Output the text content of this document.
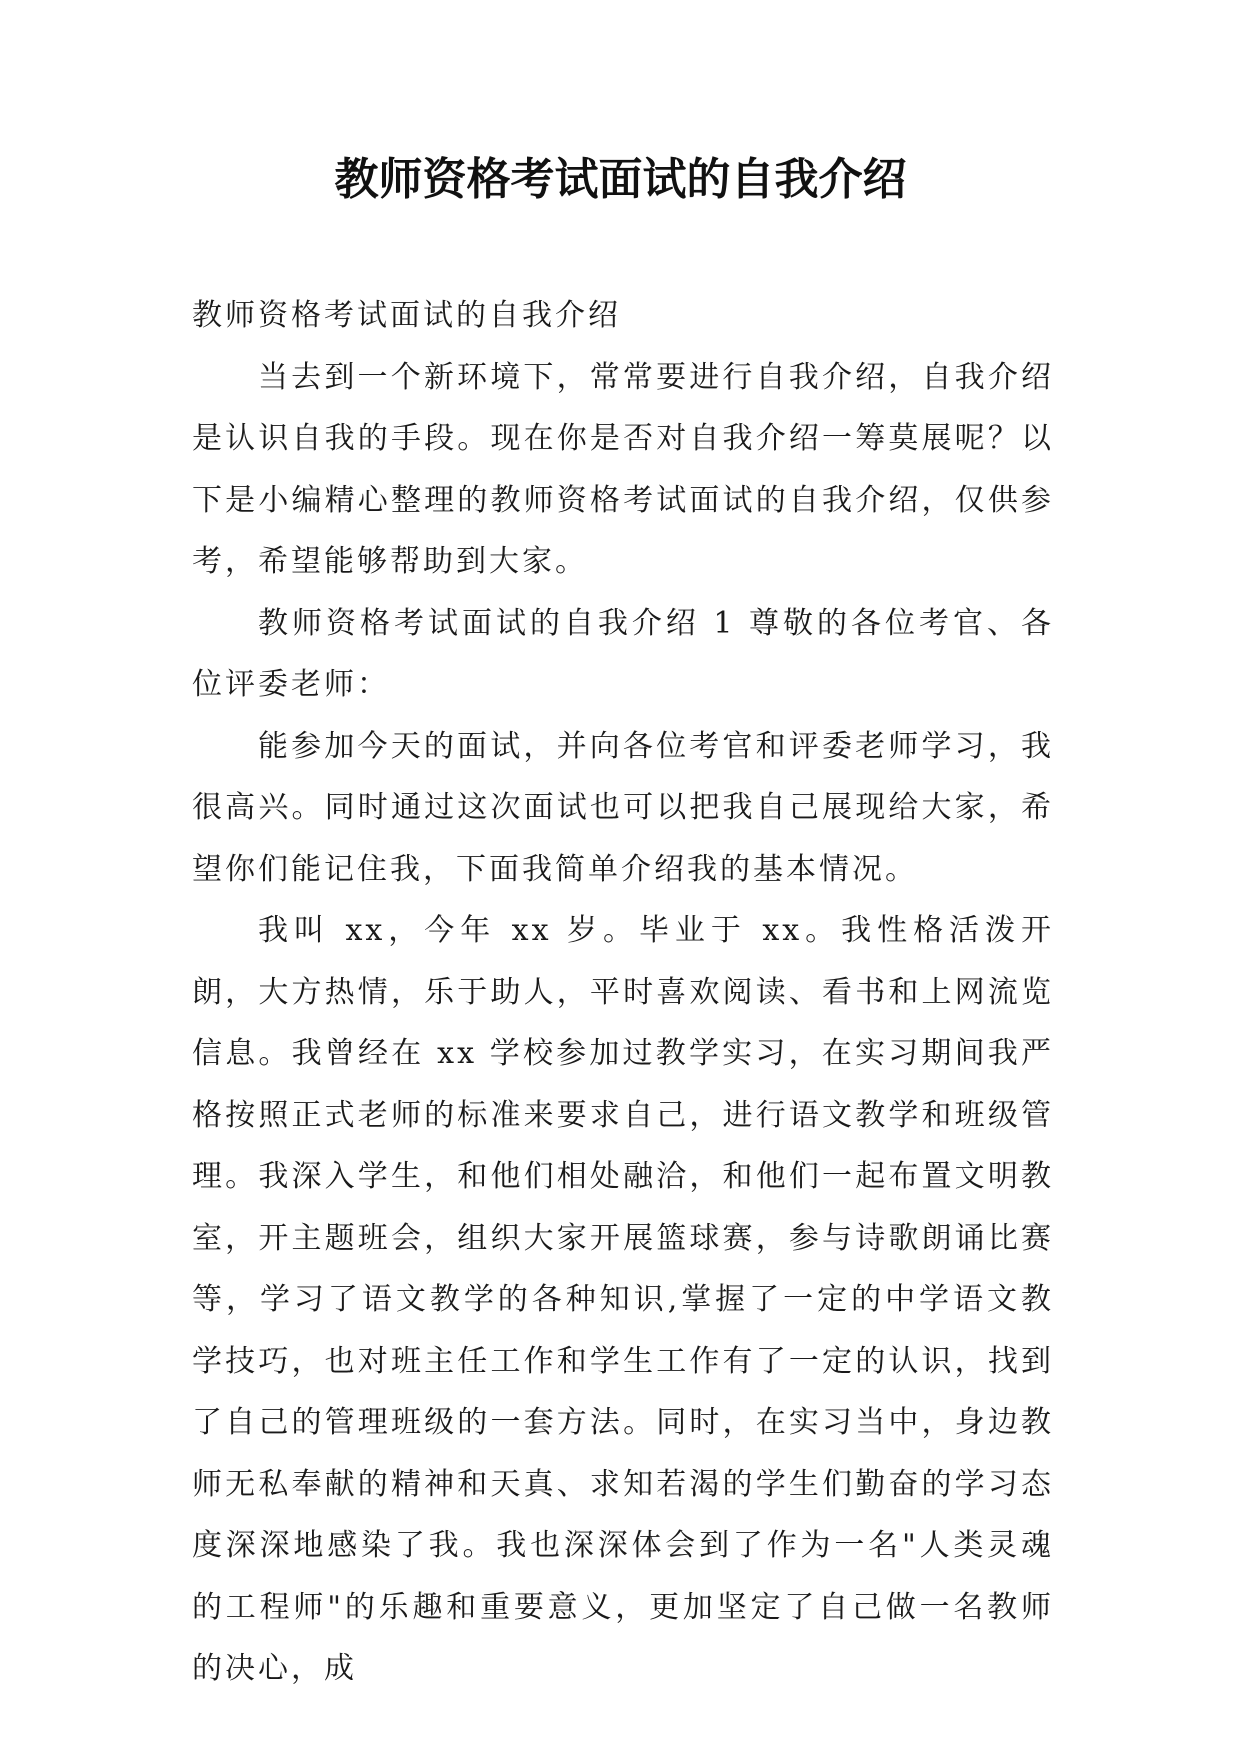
教师资格考试面试的自我介绍

教师资格考试面试的自我介绍

当去到一个新环境下，常常要进行自我介绍，自我介绍是认识自我的手段。现在你是否对自我介绍一筹莫展呢？以下是小编精心整理的教师资格考试面试的自我介绍，仅供参考，希望能够帮助到大家。

教师资格考试面试的自我介绍 1 尊敬的各位考官、各位评委老师：

能参加今天的面试，并向各位考官和评委老师学习，我很高兴。同时通过这次面试也可以把我自己展现给大家，希望你们能记住我，下面我简单介绍我的基本情况。

我叫 xx，今年 xx 岁。毕业于 xx。我性格活泼开朗，大方热情，乐于助人，平时喜欢阅读、看书和上网流览信息。我曾经在 xx 学校参加过教学实习，在实习期间我严格按照正式老师的标准来要求自己，进行语文教学和班级管理。我深入学生，和他们相处融洽，和他们一起布置文明教室，开主题班会，组织大家开展篮球赛，参与诗歌朗诵比赛等，学习了语文教学的各种知识,掌握了一定的中学语文教学技巧，也对班主任工作和学生工作有了一定的认识，找到了自己的管理班级的一套方法。同时，在实习当中，身边教师无私奉献的精神和天真、求知若渴的学生们勤奋的学习态度深深地感染了我。我也深深体会到了作为一名"人类灵魂的工程师"的乐趣和重要意义，更加坚定了自己做一名教师的决心，成
